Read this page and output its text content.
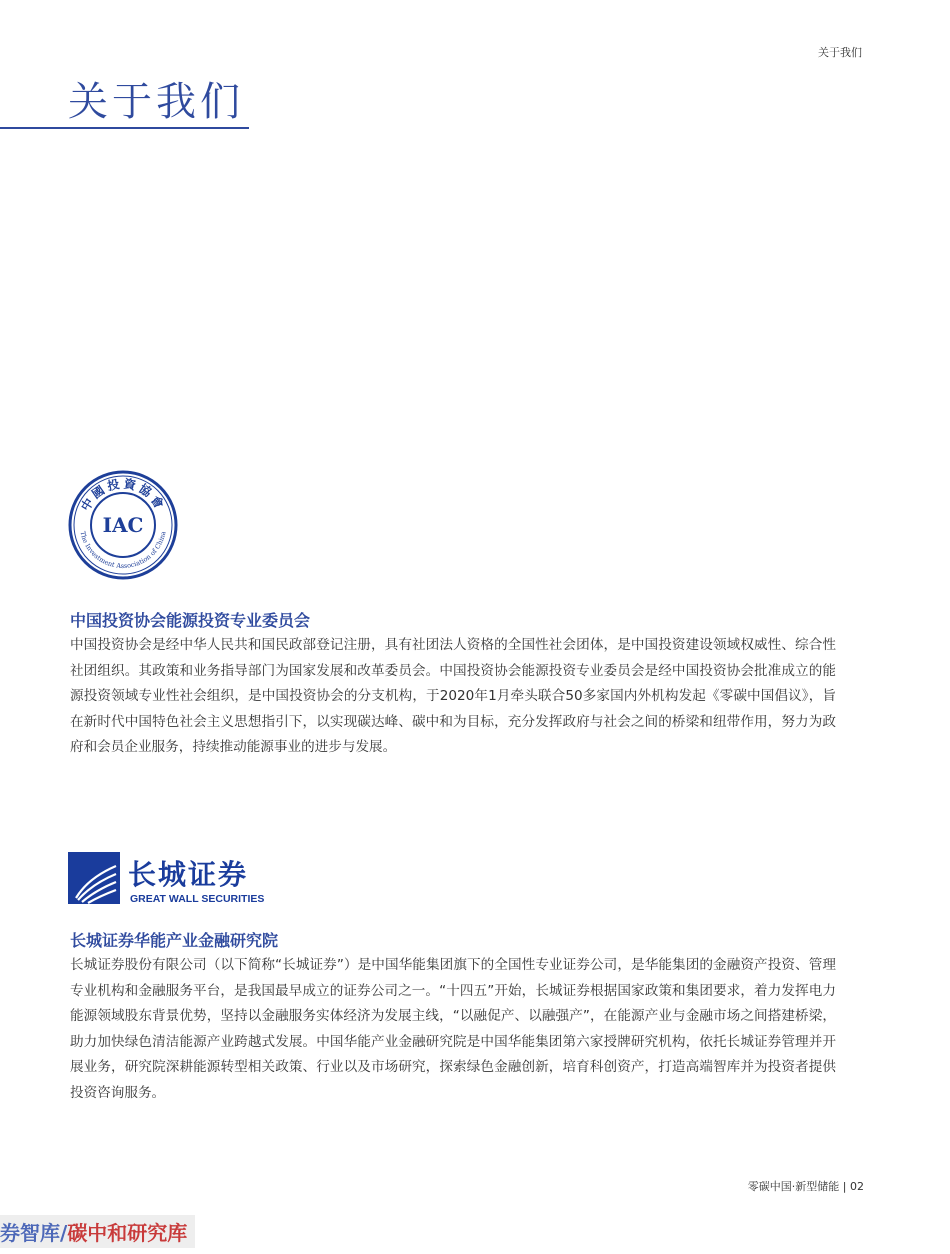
关于我们
关于我们
中國投資協會
The Investment Association of China
IAC
中国投资协会能源投资专业委员会
中国投资协会是经中华人民共和国民政部登记注册，具有社团法人资格的全国性社会团体，是中国投资建设领域权威性、综合性社团组织。其政策和业务指导部门为国家发展和改革委员会。中国投资协会能源投资专业委员会是经中国投资协会批准成立的能源投资领域专业性社会组织，是中国投资协会的分支机构，于2020年1月牵头联合50多家国内外机构发起《零碳中国倡议》，旨在新时代中国特色社会主义思想指引下，以实现碳达峰、碳中和为目标，充分发挥政府与社会之间的桥梁和纽带作用，努力为政府和会员企业服务，持续推动能源事业的进步与发展。
长城证券
GREAT WALL SECURITIES
长城证券华能产业金融研究院
长城证券股份有限公司（以下简称“长城证券”）是中国华能集团旗下的全国性专业证券公司，是华能集团的金融资产投资、管理专业机构和金融服务平台，是我国最早成立的证券公司之一。“十四五”开始，长城证券根据国家政策和集团要求，着力发挥电力能源领域股东背景优势，坚持以金融服务实体经济为发展主线，“以融促产、以融强产”，在能源产业与金融市场之间搭建桥梁，助力加快绿色清洁能源产业跨越式发展。中国华能产业金融研究院是中国华能集团第六家授牌研究机构，依托长城证券管理并开展业务，研究院深耕能源转型相关政策、行业以及市场研究，探索绿色金融创新，培育科创资产，打造高端智库并为投资者提供投资咨询服务。
零碳中国·新型储能 | 02
券智库/碳中和研究库
